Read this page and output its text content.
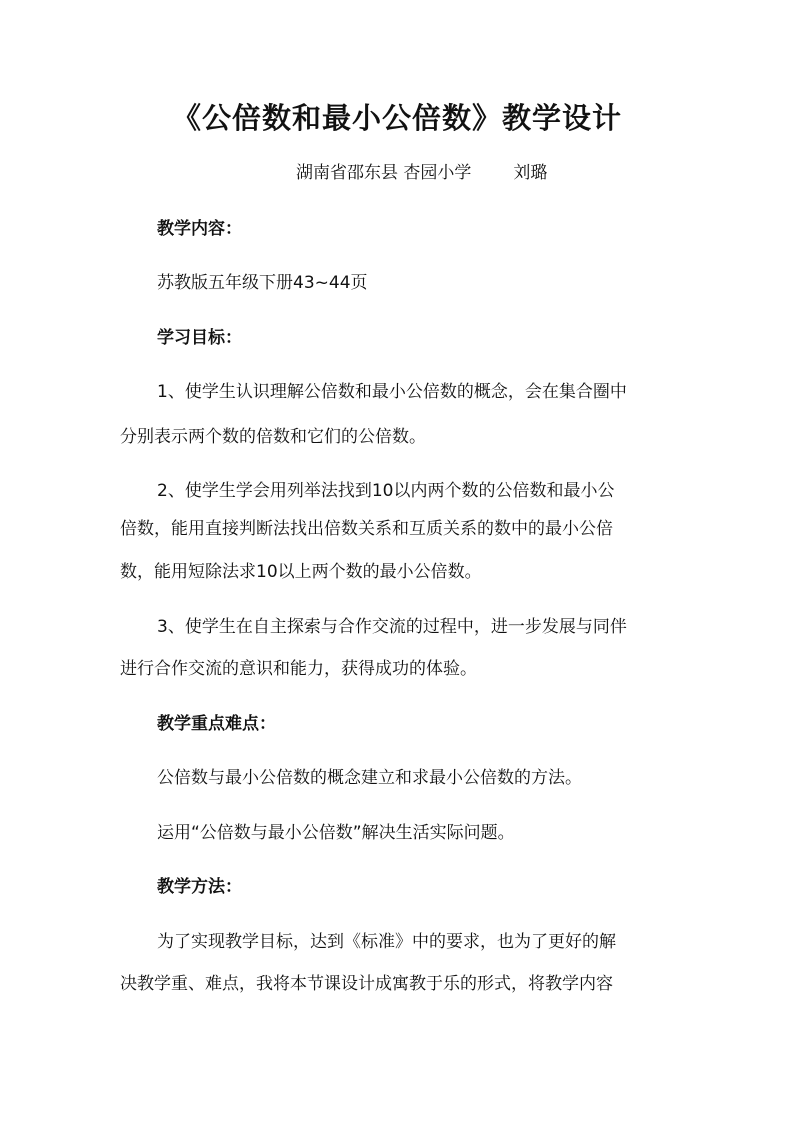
《公倍数和最小公倍数》教学设计
湖南省邵东县 杏园小学 刘璐
教学内容：
苏教版五年级下册43~44页
学习目标：
1、使学生认识理解公倍数和最小公倍数的概念，会在集合圈中
分别表示两个数的倍数和它们的公倍数。
2、使学生学会用列举法找到10以内两个数的公倍数和最小公
倍数，能用直接判断法找出倍数关系和互质关系的数中的最小公倍
数，能用短除法求10以上两个数的最小公倍数。
3、使学生在自主探索与合作交流的过程中，进一步发展与同伴
进行合作交流的意识和能力，获得成功的体验。
教学重点难点：
公倍数与最小公倍数的概念建立和求最小公倍数的方法。
运用“公倍数与最小公倍数”解决生活实际问题。
教学方法：
为了实现教学目标，达到《标准》中的要求，也为了更好的解
决教学重、难点，我将本节课设计成寓教于乐的形式，将教学内容
